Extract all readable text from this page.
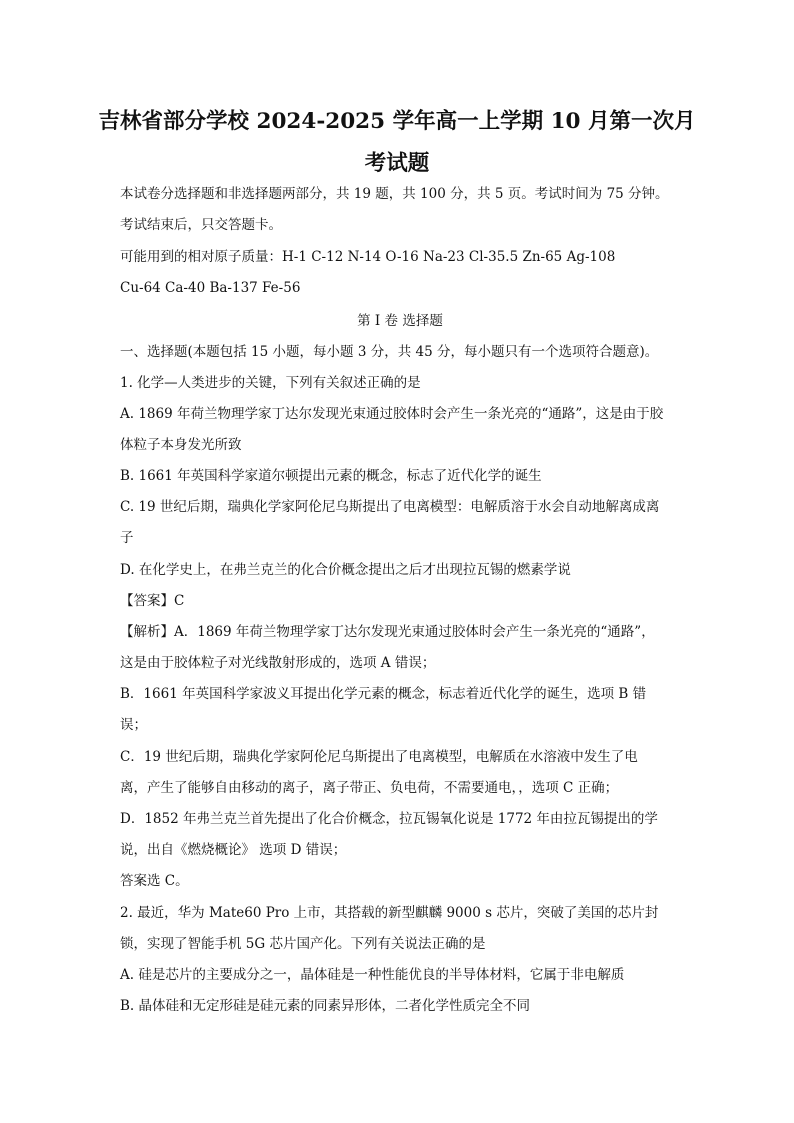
吉林省部分学校 2024-2025 学年高一上学期 10 月第一次月
考试题
本试卷分选择题和非选择题两部分，共 19 题，共 100 分，共 5 页。考试时间为 75 分钟。
考试结束后，只交答题卡。
可能用到的相对原子质量：H-1 C-12 N-14 O-16 Na-23 Cl-35.5 Zn-65 Ag-108
Cu-64 Ca-40 Ba-137 Fe-56
第 I 卷 选择题
一、选择题(本题包括 15 小题，每小题 3 分，共 45 分，每小题只有一个选项符合题意)。
1. 化学—人类进步的关键，下列有关叙述正确的是
A. 1869 年荷兰物理学家丁达尔发现光束通过胶体时会产生一条光亮的“通路”，这是由于胶
体粒子本身发光所致
B. 1661 年英国科学家道尔顿提出元素的概念，标志了近代化学的诞生
C. 19 世纪后期，瑞典化学家阿伦尼乌斯提出了电离模型：电解质溶于水会自动地解离成离
子
D. 在化学史上，在弗兰克兰的化合价概念提出之后才出现拉瓦锡的燃素学说
【答案】C
【解析】A．1869 年荷兰物理学家丁达尔发现光束通过胶体时会产生一条光亮的“通路”，
这是由于胶体粒子对光线散射形成的，选项 A 错误；
B．1661 年英国科学家波义耳提出化学元素的概念，标志着近代化学的诞生，选项 B 错
误；
C．19 世纪后期，瑞典化学家阿伦尼乌斯提出了电离模型，电解质在水溶液中发生了电
离，产生了能够自由移动的离子，离子带正、负电荷，不需要通电，，选项 C 正确；
D．1852 年弗兰克兰首先提出了化合价概念，拉瓦锡氧化说是 1772 年由拉瓦锡提出的学
说，出自《燃烧概论》 选项 D 错误；
答案选 C。
2. 最近，华为 Mate60 Pro 上市，其搭载的新型麒麟 9000 s 芯片，突破了美国的芯片封
锁，实现了智能手机 5G 芯片国产化。下列有关说法正确的是
A. 硅是芯片的主要成分之一，晶体硅是一种性能优良的半导体材料，它属于非电解质
B. 晶体硅和无定形硅是硅元素的同素异形体，二者化学性质完全不同
